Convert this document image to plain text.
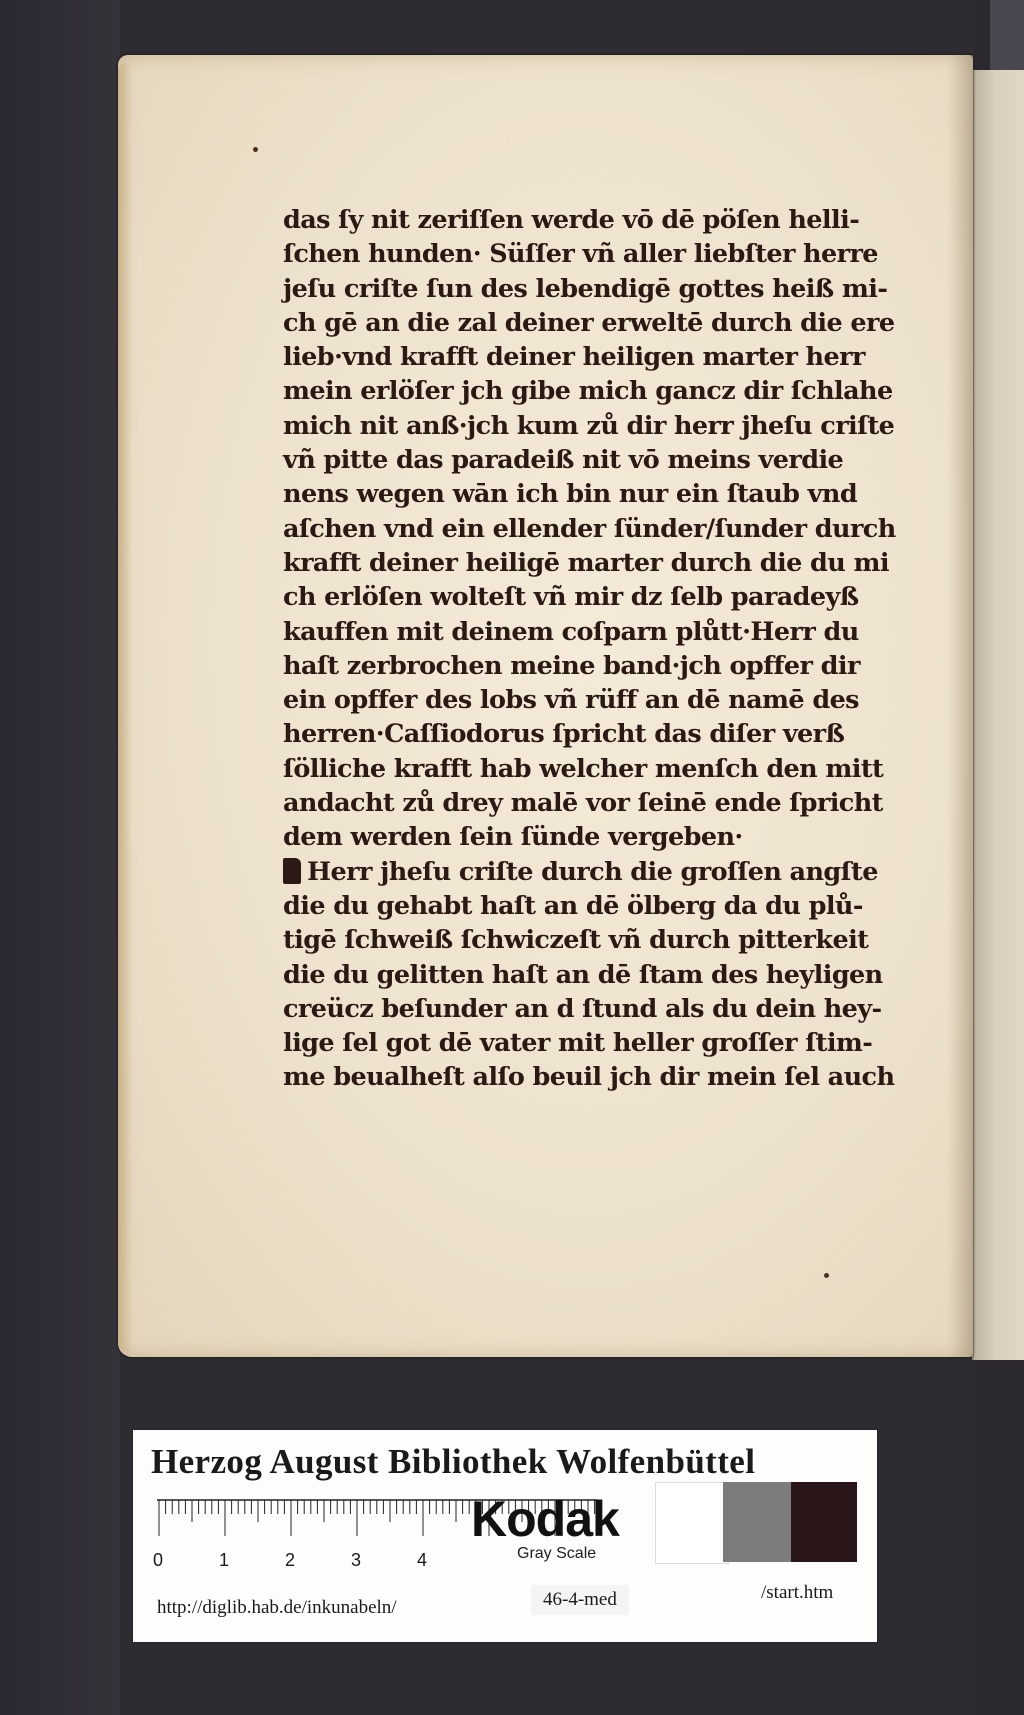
das ſy nit zeriſſen werde vō dē pöſen helli-
ſchen hunden· Süſſer vñ aller liebſter herre
jeſu criſte ſun des lebendigē gottes heiß mi-
ch gē an die zal deiner erweltē durch die ere
lieb·vnd krafft deiner heiligen marter herr
mein erlöſer jch gibe mich gancz dir ſchlahe
mich nit anß·jch kum zů dir herr jheſu criſte
vñ pitte das paradeiß nit vō meins verdie
nens wegen wān ich bin nur ein ſtaub vnd
aſchen vnd ein ellender ſünder/ſunder durch
krafft deiner heiligē marter durch die du mi
ch erlöſen wolteſt vñ mir dz ſelb paradeyß
kauffen mit deinem coſparn plůtt·Herr du
haſt zerbrochen meine band·jch opffer dir
ein opffer des lobs vñ rüff an dē namē des
herren·Caſſiodorus ſpricht das diſer verß
ſölliche krafft hab welcher menſch den mitt
andacht zů drey malē vor ſeinē ende ſpricht
dem werden ſein ſünde vergeben·
Herr jheſu criſte durch die groſſen angſte
die du gehabt haſt an dē ölberg da du plů-
tigē ſchweiß ſchwiczeſt vñ durch pitterkeit
die du gelitten haſt an dē ſtam des heyligen
creücz beſunder an d ſtund als du dein hey-
lige ſel got dē vater mit heller groſſer ſtim-
me beualheſt alſo beuil jch dir mein ſel auch
Herzog August Bibliothek Wolfenbüttel
0	1	2	3	4
Kodak
Gray Scale
http://diglib.hab.de/inkunabeln/	46-4-med	/start.htm
